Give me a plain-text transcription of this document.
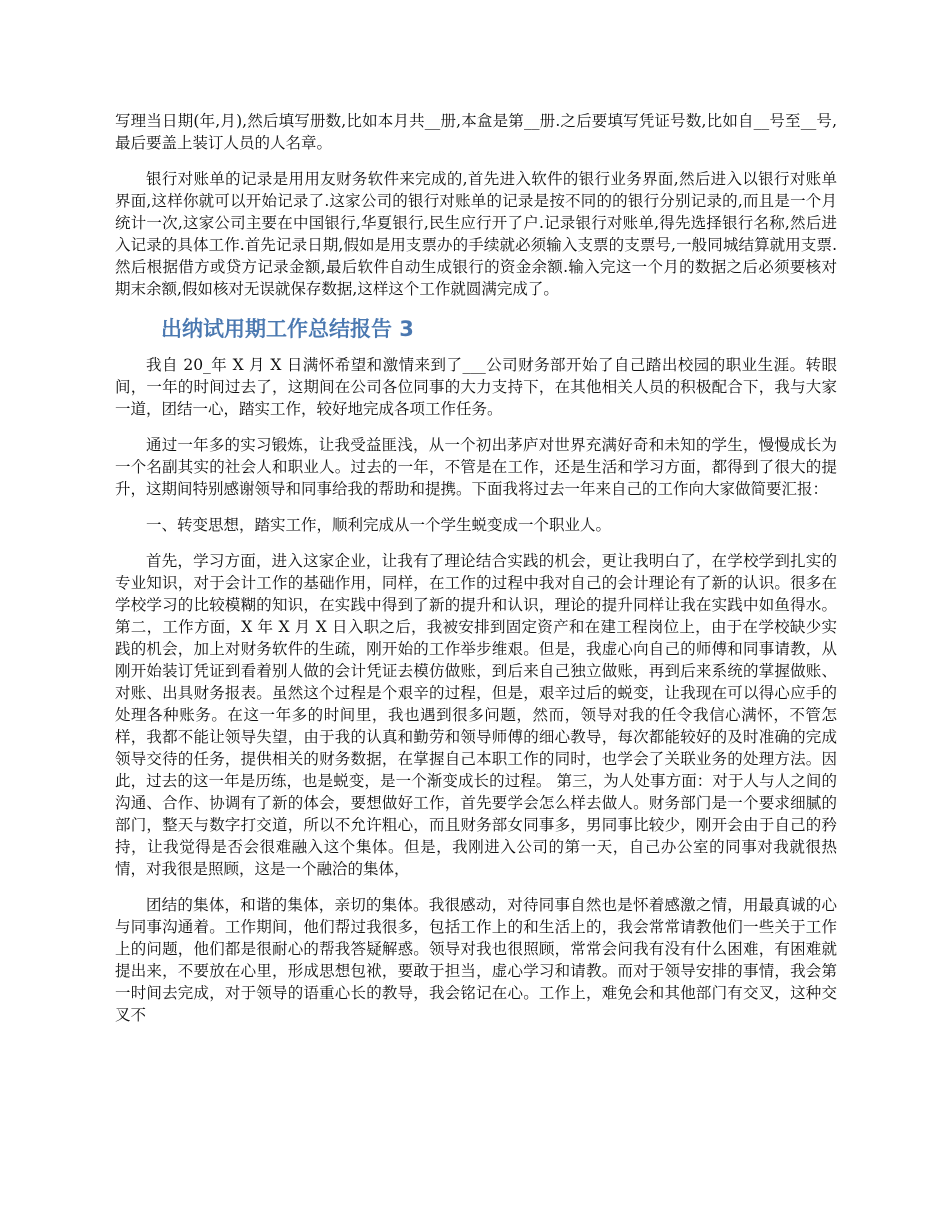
写理当日期(年,月),然后填写册数,比如本月共__册,本盒是第__册.之后要填写凭证号数,比如自__号至__号,最后要盖上装订人员的人名章。

银行对账单的记录是用用友财务软件来完成的,首先进入软件的银行业务界面,然后进入以银行对账单界面,这样你就可以开始记录了.这家公司的银行对账单的记录是按不同的的银行分别记录的,而且是一个月统计一次,这家公司主要在中国银行,华夏银行,民生应行开了户.记录银行对账单,得先选择银行名称,然后进入记录的具体工作.首先记录日期,假如是用支票办的手续就必须输入支票的支票号,一般同城结算就用支票.然后根据借方或贷方记录金额,最后软件自动生成银行的资金余额.输入完这一个月的数据之后必须要核对期末余额,假如核对无误就保存数据,这样这个工作就圆满完成了。

出纳试用期工作总结报告 3

我自 20_年 X 月 X 日满怀希望和激情来到了___公司财务部开始了自己踏出校园的职业生涯。转眼间，一年的时间过去了，这期间在公司各位同事的大力支持下，在其他相关人员的积极配合下，我与大家一道，团结一心，踏实工作，较好地完成各项工作任务。

通过一年多的实习锻炼，让我受益匪浅，从一个初出茅庐对世界充满好奇和未知的学生，慢慢成长为一个名副其实的社会人和职业人。过去的一年，不管是在工作，还是生活和学习方面，都得到了很大的提升，这期间特别感谢领导和同事给我的帮助和提携。下面我将过去一年来自己的工作向大家做简要汇报：

一、转变思想，踏实工作，顺利完成从一个学生蜕变成一个职业人。

首先，学习方面，进入这家企业，让我有了理论结合实践的机会，更让我明白了，在学校学到扎实的专业知识，对于会计工作的基础作用，同样，在工作的过程中我对自己的会计理论有了新的认识。很多在学校学习的比较模糊的知识，在实践中得到了新的提升和认识，理论的提升同样让我在实践中如鱼得水。 第二，工作方面，X 年 X 月 X 日入职之后，我被安排到固定资产和在建工程岗位上，由于在学校缺少实践的机会，加上对财务软件的生疏，刚开始的工作举步维艰。但是，我虚心向自己的师傅和同事请教，从刚开始装订凭证到看着别人做的会计凭证去模仿做账，到后来自己独立做账，再到后来系统的掌握做账、对账、出具财务报表。虽然这个过程是个艰辛的过程，但是，艰辛过后的蜕变，让我现在可以得心应手的处理各种账务。在这一年多的时间里，我也遇到很多问题，然而，领导对我的任令我信心满怀，不管怎样，我都不能让领导失望，由于我的认真和勤劳和领导师傅的细心教导，每次都能较好的及时准确的完成领导交待的任务，提供相关的财务数据，在掌握自己本职工作的同时，也学会了关联业务的处理方法。因此，过去的这一年是历练，也是蜕变，是一个渐变成长的过程。 第三，为人处事方面：对于人与人之间的沟通、合作、协调有了新的体会，要想做好工作，首先要学会怎么样去做人。财务部门是一个要求细腻的部门，整天与数字打交道，所以不允许粗心，而且财务部女同事多，男同事比较少，刚开会由于自己的矜持，让我觉得是否会很难融入这个集体。但是，我刚进入公司的第一天，自己办公室的同事对我就很热情，对我很是照顾，这是一个融洽的集体，

团结的集体，和谐的集体，亲切的集体。我很感动，对待同事自然也是怀着感激之情，用最真诚的心与同事沟通着。工作期间，他们帮过我很多，包括工作上的和生活上的，我会常常请教他们一些关于工作上的问题，他们都是很耐心的帮我答疑解惑。领导对我也很照顾，常常会问我有没有什么困难，有困难就提出来，不要放在心里，形成思想包袱，要敢于担当，虚心学习和请教。而对于领导安排的事情，我会第一时间去完成，对于领导的语重心长的教导，我会铭记在心。工作上，难免会和其他部门有交叉，这种交叉不
